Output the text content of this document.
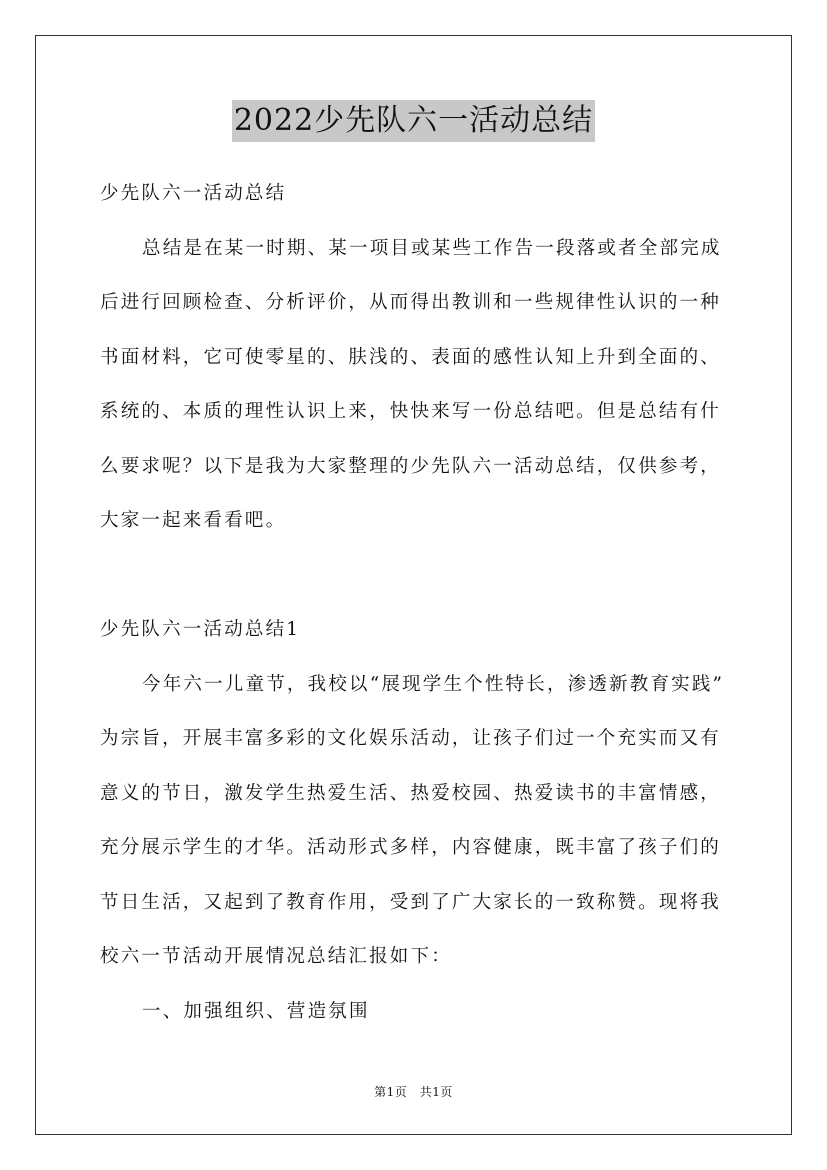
2022少先队六一活动总结
少先队六一活动总结
总结是在某一时期、某一项目或某些工作告一段落或者全部完成
后进行回顾检查、分析评价，从而得出教训和一些规律性认识的一种
书面材料，它可使零星的、肤浅的、表面的感性认知上升到全面的、
系统的、本质的理性认识上来，快快来写一份总结吧。但是总结有什
么要求呢？以下是我为大家整理的少先队六一活动总结，仅供参考，
大家一起来看看吧。
少先队六一活动总结1
今年六一儿童节，我校以“展现学生个性特长，渗透新教育实践”
为宗旨，开展丰富多彩的文化娱乐活动，让孩子们过一个充实而又有
意义的节日，激发学生热爱生活、热爱校园、热爱读书的丰富情感，
充分展示学生的才华。活动形式多样，内容健康，既丰富了孩子们的
节日生活，又起到了教育作用，受到了广大家长的一致称赞。现将我
校六一节活动开展情况总结汇报如下：
一、加强组织、营造氛围
第1页　共1页
